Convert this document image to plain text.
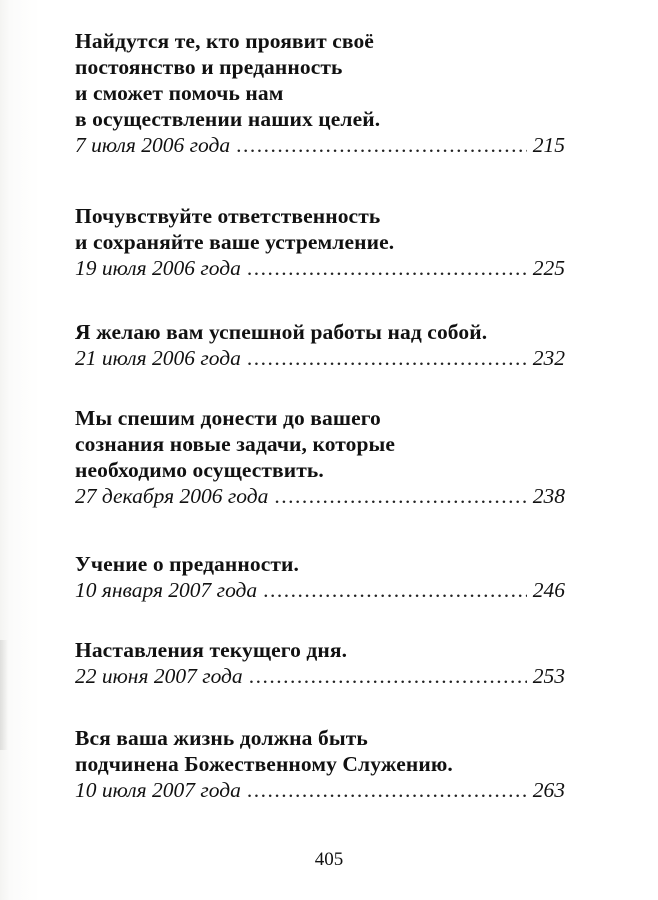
Найдутся те, кто проявит своё
постоянство и преданность
и сможет помочь нам
в осуществлении наших целей.
7 июля 2006 года .....	215
Почувствуйте ответственность
и сохраняйте ваше устремление.
19 июля 2006 года .....	225
Я желаю вам успешной работы над собой.
21 июля 2006 года .....	232
Мы спешим донести до вашего
сознания новые задачи, которые
необходимо осуществить.
27 декабря 2006 года .....	238
Учение о преданности.
10 января 2007 года .....	246
Наставления текущего дня.
22 июня 2007 года .....	253
Вся ваша жизнь должна быть
подчинена Божественному Служению.
10 июля 2007 года .....	263
405
